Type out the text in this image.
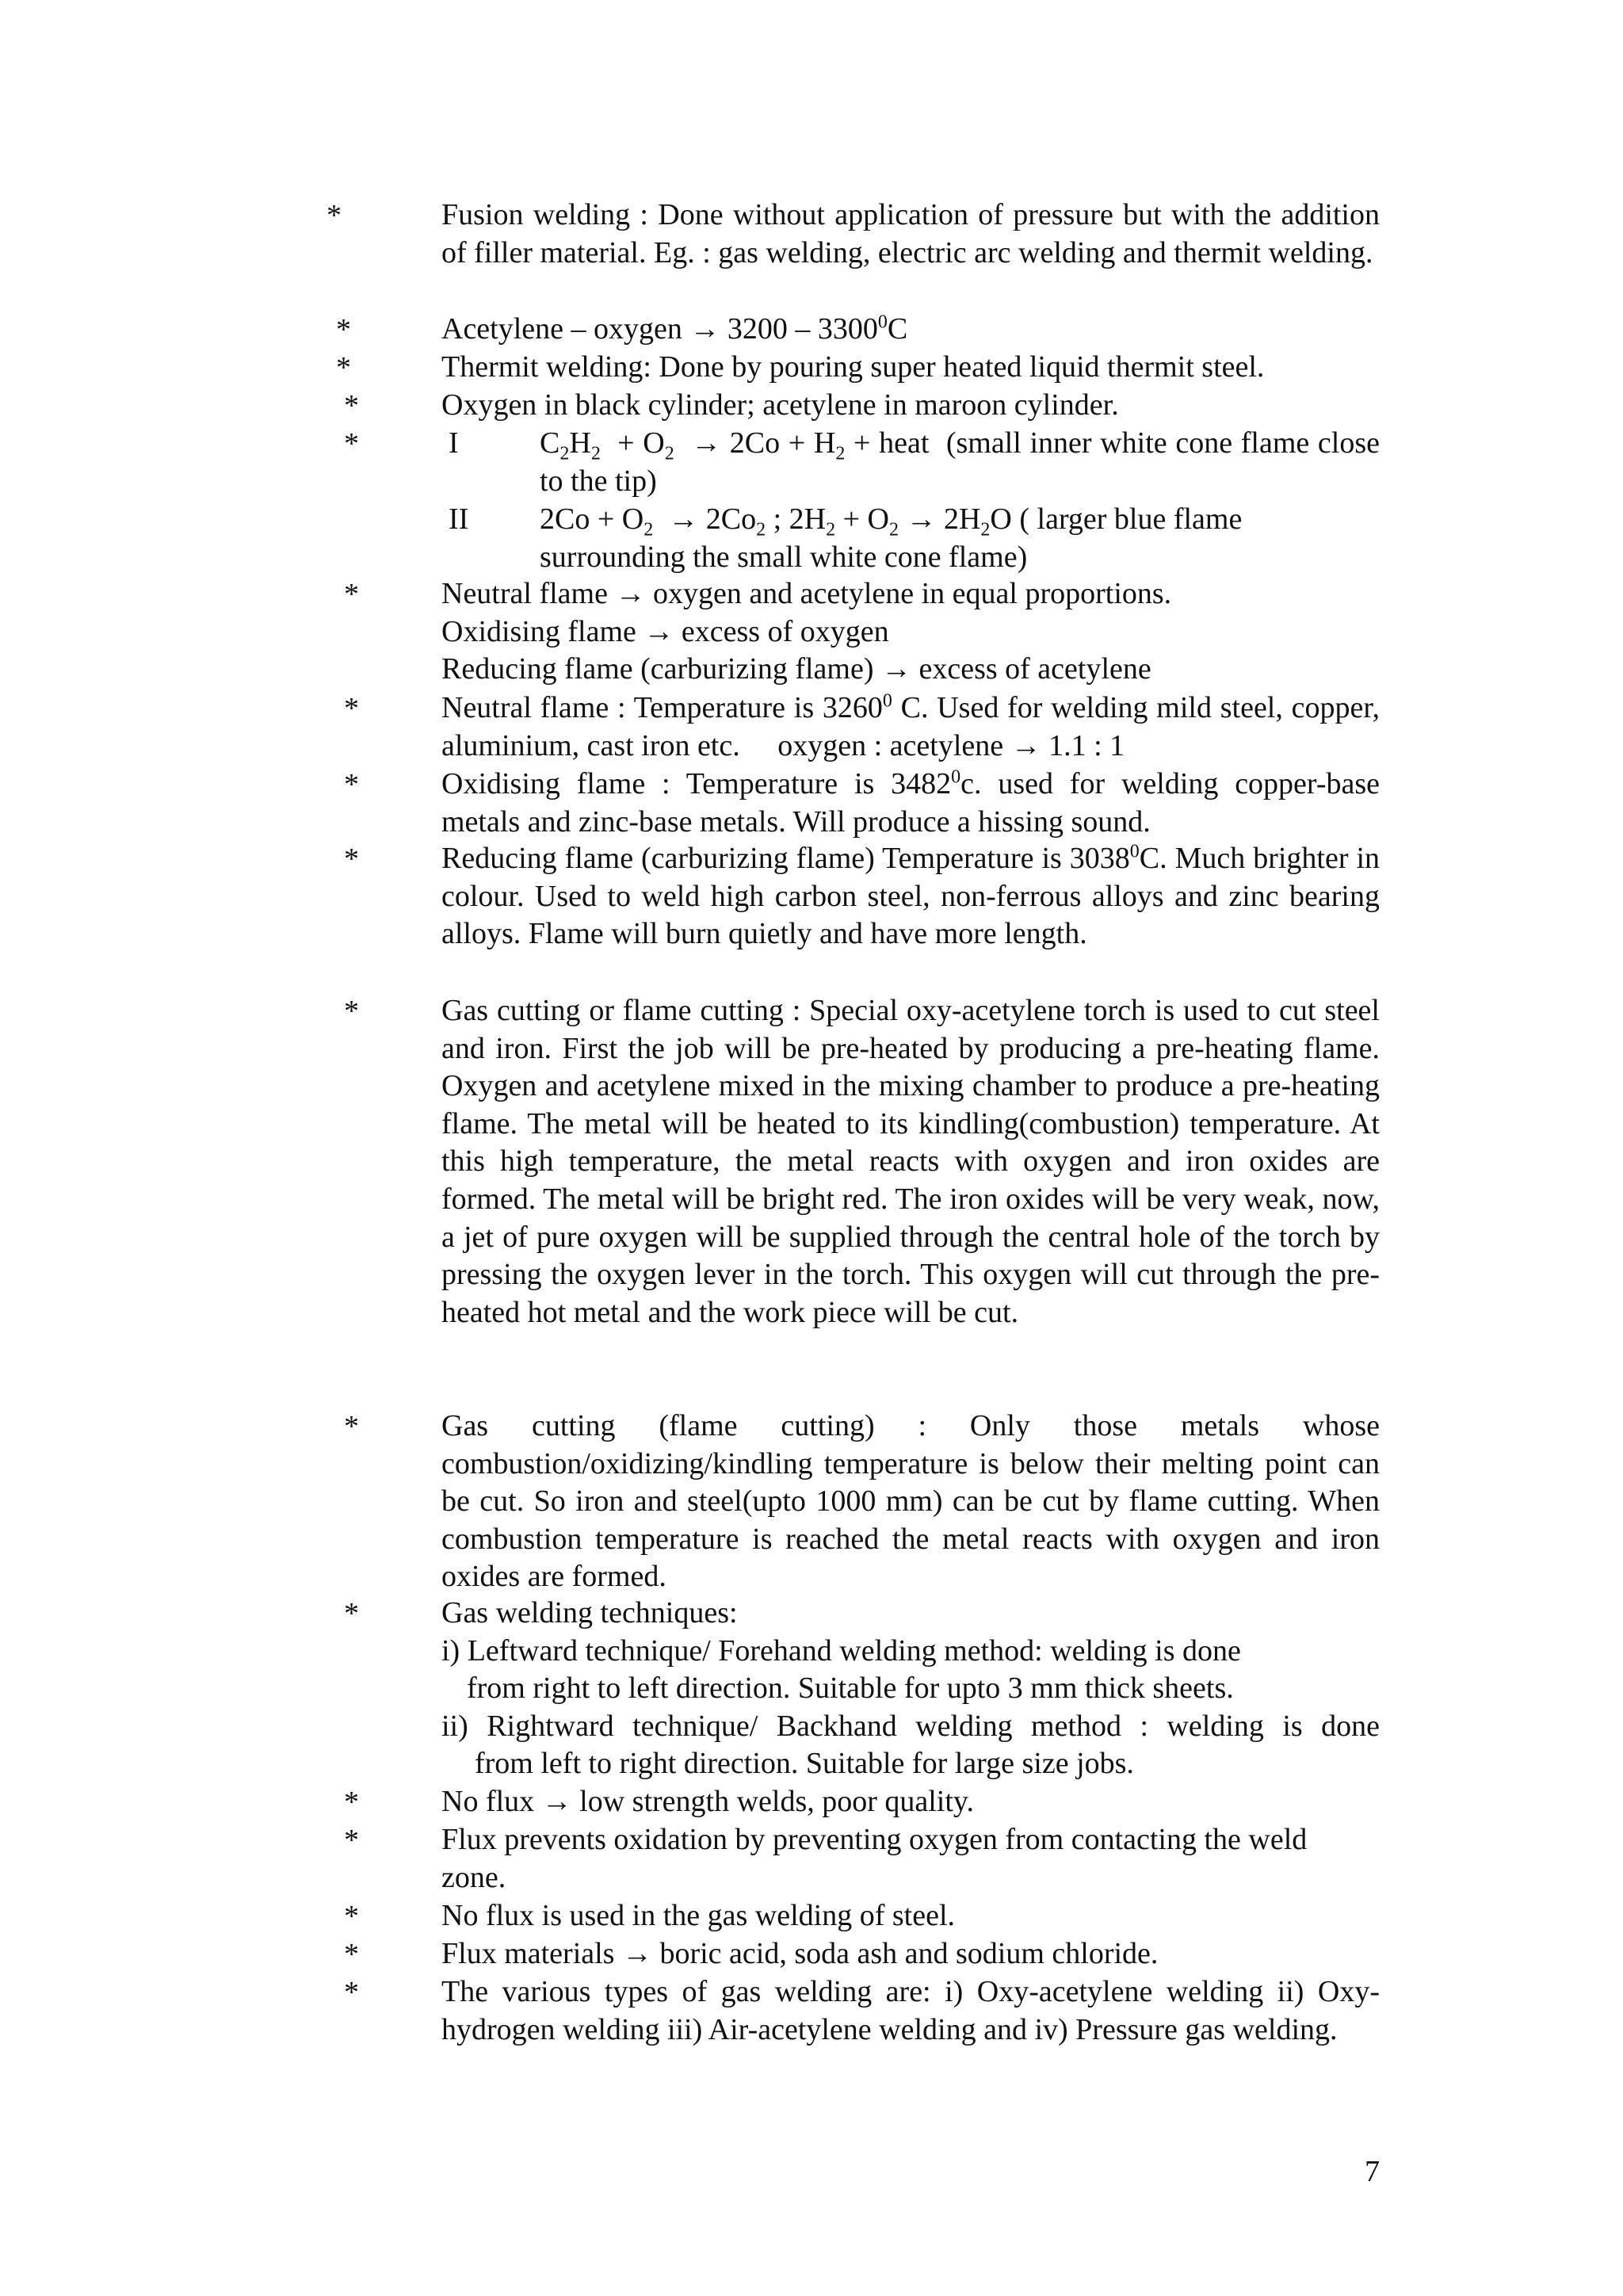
*
*
*
*
*
*
*
*
*
*
*
*
*
*
*
*
*

Fusion welding : Done without application of pressure but with the addition of filler material. Eg. : gas welding, electric arc welding and thermit welding.

Acetylene – oxygen → 3200 – 3300$^0$C

Thermit welding: Done by pouring super heated liquid thermit steel.

Oxygen in black cylinder; acetylene in maroon cylinder.

I	$C_2H_2 + O_2 \to 2Co + H_2$ + heat  (small inner white cone flame close to the tip)
II $2Co + O_2 \to 2Co_2$ ; $2H_2 + O_2 \to 2H_2O$ ( larger blue flame surrounding the small white cone flame)
Neutral flame → oxygen and acetylene in equal proportions.
Oxidising flame → excess of oxygen
Reducing flame (carburizing flame) → excess of acetylene

Neutral flame : Temperature is 3260$^0$ C. Used for welding mild steel, copper, aluminium, cast iron etc.     oxygen : acetylene → 1.1 : 1

Oxidising flame : Temperature is 3482$^0$c. used for welding copper-base metals and zinc-base metals. Will produce a hissing sound.

Reducing flame (carburizing flame) Temperature is 3038$^0$C. Much brighter in colour. Used to weld high carbon steel, non-ferrous alloys and zinc bearing alloys. Flame will burn quietly and have more length.

Gas cutting or flame cutting : Special oxy-acetylene torch is used to cut steel and iron. First the job will be pre-heated by producing a pre-heating flame. Oxygen and acetylene mixed in the mixing chamber to produce a pre-heating flame. The metal will be heated to its kindling(combustion) temperature. At this high temperature, the metal reacts with oxygen and iron oxides are formed. The metal will be bright red. The iron oxides will be very weak, now, a jet of pure oxygen will be supplied through the central hole of the torch by pressing the oxygen lever in the torch. This oxygen will cut through the pre-heated hot metal and the work piece will be cut.

Gas cutting (flame cutting) : Only those metals whose combustion/oxidizing/kindling temperature is below their melting point can be cut. So iron and steel(upto 1000 mm) can be cut by flame cutting. When combustion temperature is reached the metal reacts with oxygen and iron oxides are formed.

Gas welding techniques:
i) Leftward technique/ Forehand welding method: welding is done
from right to left direction. Suitable for upto 3 mm thick sheets.
ii) Rightward technique/ Backhand welding method : welding is done
from left to right direction. Suitable for large size jobs.

No flux → low strength welds, poor quality.

Flux prevents oxidation by preventing oxygen from contacting the weld zone.

No flux is used in the gas welding of steel.

Flux materials → boric acid, soda ash and sodium chloride.

The various types of gas welding are: i) Oxy-acetylene welding ii) Oxy-hydrogen welding iii) Air-acetylene welding and iv) Pressure gas welding.

7
